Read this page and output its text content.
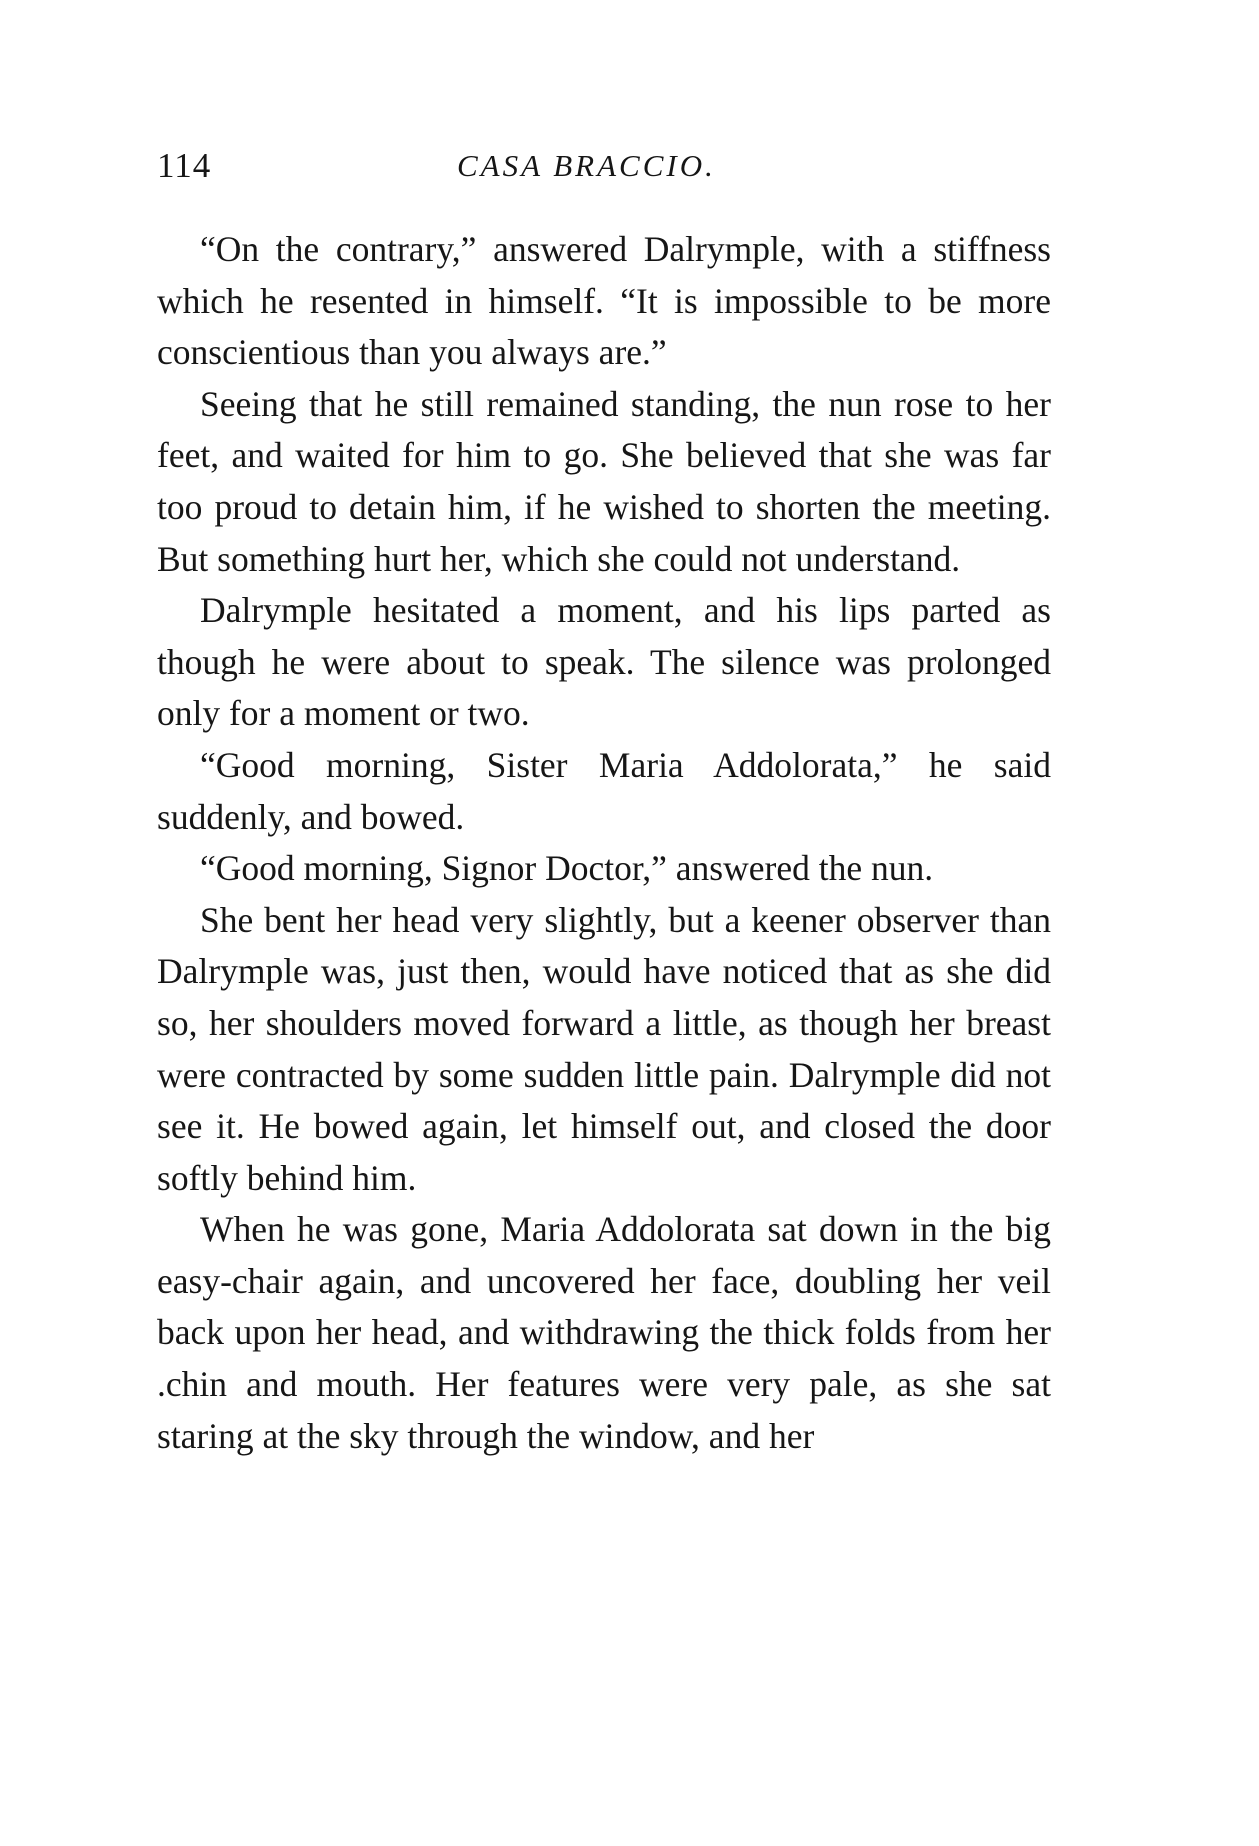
114	CASA BRACCIO.

“On the contrary,” answered Dalrymple, with a stiffness which he resented in himself. “It is impossible to be more conscientious than you always are.”

Seeing that he still remained standing, the nun rose to her feet, and waited for him to go. She believed that she was far too proud to detain him, if he wished to shorten the meeting. But something hurt her, which she could not understand.

Dalrymple hesitated a moment, and his lips parted as though he were about to speak. The silence was prolonged only for a moment or two.

“Good morning, Sister Maria Addolorata,” he said suddenly, and bowed.

“Good morning, Signor Doctor,” answered the nun.

She bent her head very slightly, but a keener observer than Dalrymple was, just then, would have noticed that as she did so, her shoulders moved forward a little, as though her breast were contracted by some sudden little pain. Dalrymple did not see it. He bowed again, let himself out, and closed the door softly behind him.

When he was gone, Maria Addolorata sat down in the big easy-chair again, and uncovered her face, doubling her veil back upon her head, and withdrawing the thick folds from her .chin and mouth. Her features were very pale, as she sat staring at the sky through the window, and her
